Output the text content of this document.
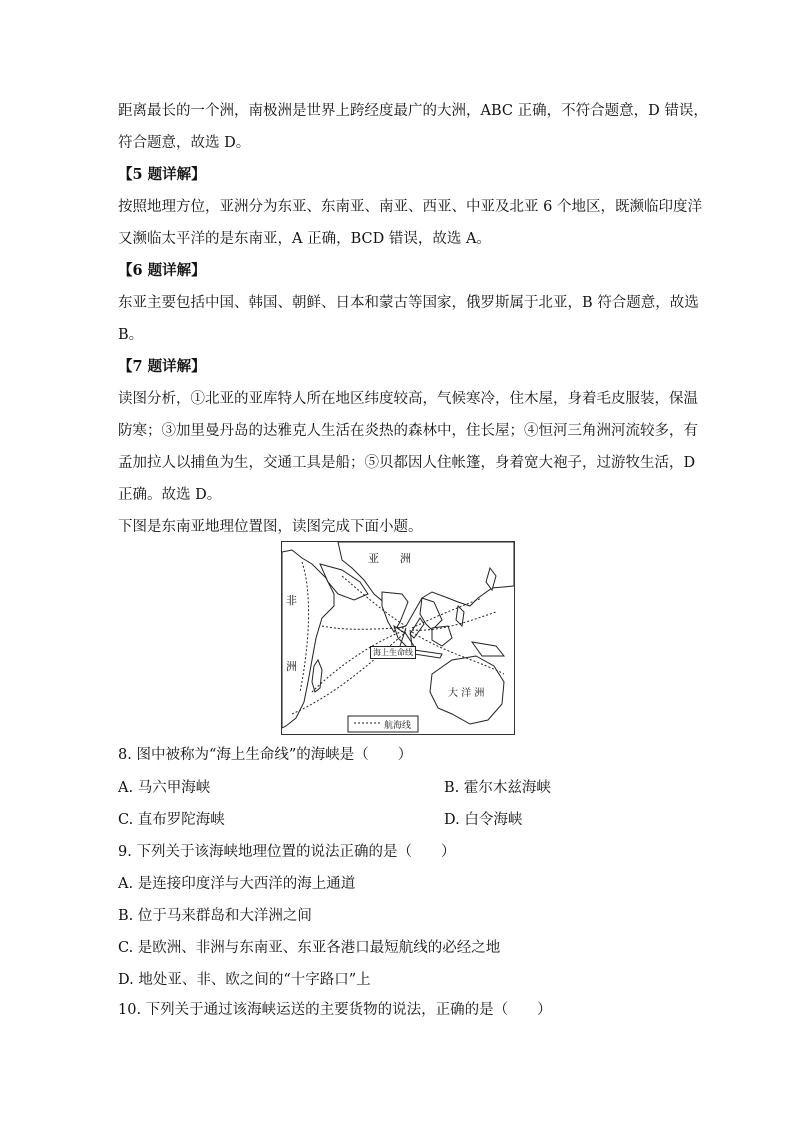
距离最长的一个洲，南极洲是世界上跨经度最广的大洲，ABC 正确，不符合题意，D 错误，
符合题意，故选 D。
【5 题详解】
按照地理方位，亚洲分为东亚、东南亚、南亚、西亚、中亚及北亚 6 个地区，既濒临印度洋
又濒临太平洋的是东南亚，A 正确，BCD 错误，故选 A。
【6 题详解】
东亚主要包括中国、韩国、朝鲜、日本和蒙古等国家，俄罗斯属于北亚，B 符合题意，故选
B。
【7 题详解】
读图分析，①北亚的亚库特人所在地区纬度较高，气候寒冷，住木屋，身着毛皮服装，保温
防寒；③加里曼丹岛的达雅克人生活在炎热的森林中，住长屋；④恒河三角洲河流较多，有
孟加拉人以捕鱼为生，交通工具是船；⑤贝都因人住帐篷，身着宽大袍子，过游牧生活，D
正确。故选 D。
下图是东南亚地理位置图，读图完成下面小题。
亚 洲
非
洲
大 洋 洲
海上生命线
航海线
8. 图中被称为“海上生命线”的海峡是（　　）
A. 马六甲海峡	B. 霍尔木兹海峡
C. 直布罗陀海峡	D. 白令海峡
9. 下列关于该海峡地理位置的说法正确的是（　　）
A. 是连接印度洋与大西洋的海上通道
B. 位于马来群岛和大洋洲之间
C. 是欧洲、非洲与东南亚、东亚各港口最短航线的必经之地
D. 地处亚、非、欧之间的“十字路口”上
10. 下列关于通过该海峡运送的主要货物的说法，正确的是（　　）
